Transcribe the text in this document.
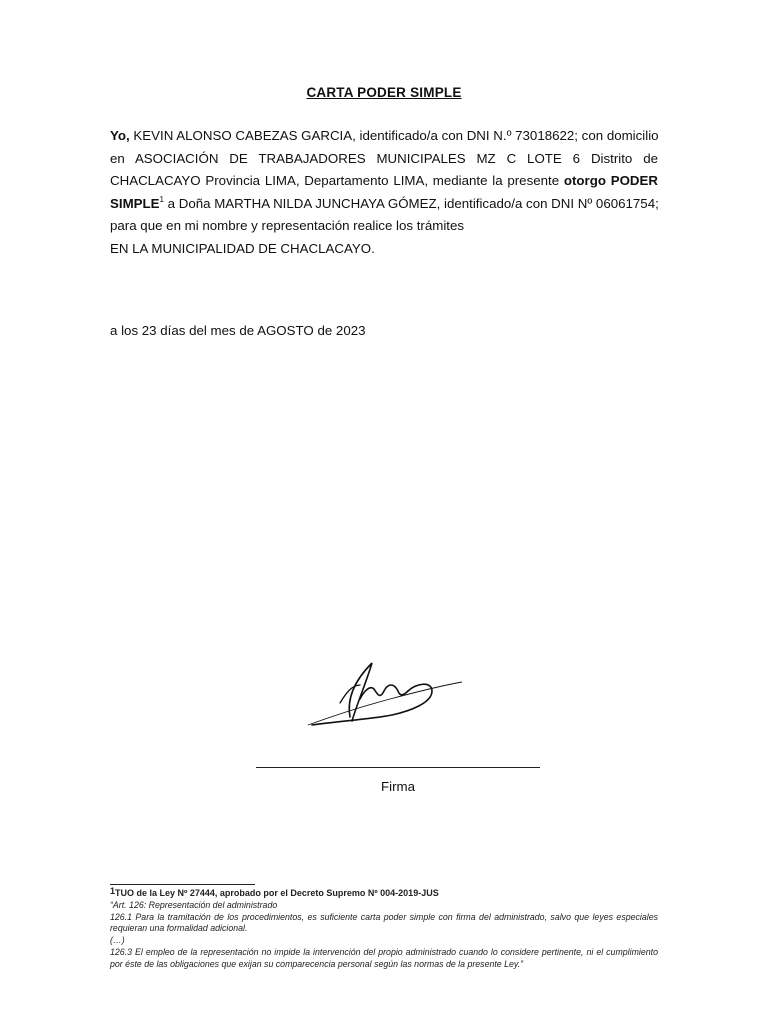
CARTA PODER SIMPLE
Yo, KEVIN ALONSO CABEZAS GARCIA, identificado/a con DNI N.º 73018622; con domicilio
en ASOCIACIÓN DE TRABAJADORES MUNICIPALES MZ C LOTE 6 Distrito de
CHACLACAYO Provincia LIMA, Departamento LIMA, mediante la presente otorgo PODER
SIMPLE$^1$ a Doña MARTHA NILDA JUNCHAYA GÓMEZ, identificado/a con DNI Nº 06061754;
para que en mi nombre y representación realice los trámites
EN LA MUNICIPALIDAD DE CHACLACAYO.
a los 23 días del mes de AGOSTO de 2023
Firma
$^1$TUO de la Ley Nº 27444, aprobado por el Decreto Supremo Nº 004-2019-JUS
“Art. 126: Representación del administrado
126.1 Para la tramitación de los procedimientos, es suficiente carta poder simple con firma del administrado, salvo que leyes especiales requieran una formalidad adicional.
(…)
126.3 El empleo de la representación no impide la intervención del propio administrado cuando lo considere pertinente, ni el cumplimiento por éste de las obligaciones que exijan su comparecencia personal según las normas de la presente Ley.”
